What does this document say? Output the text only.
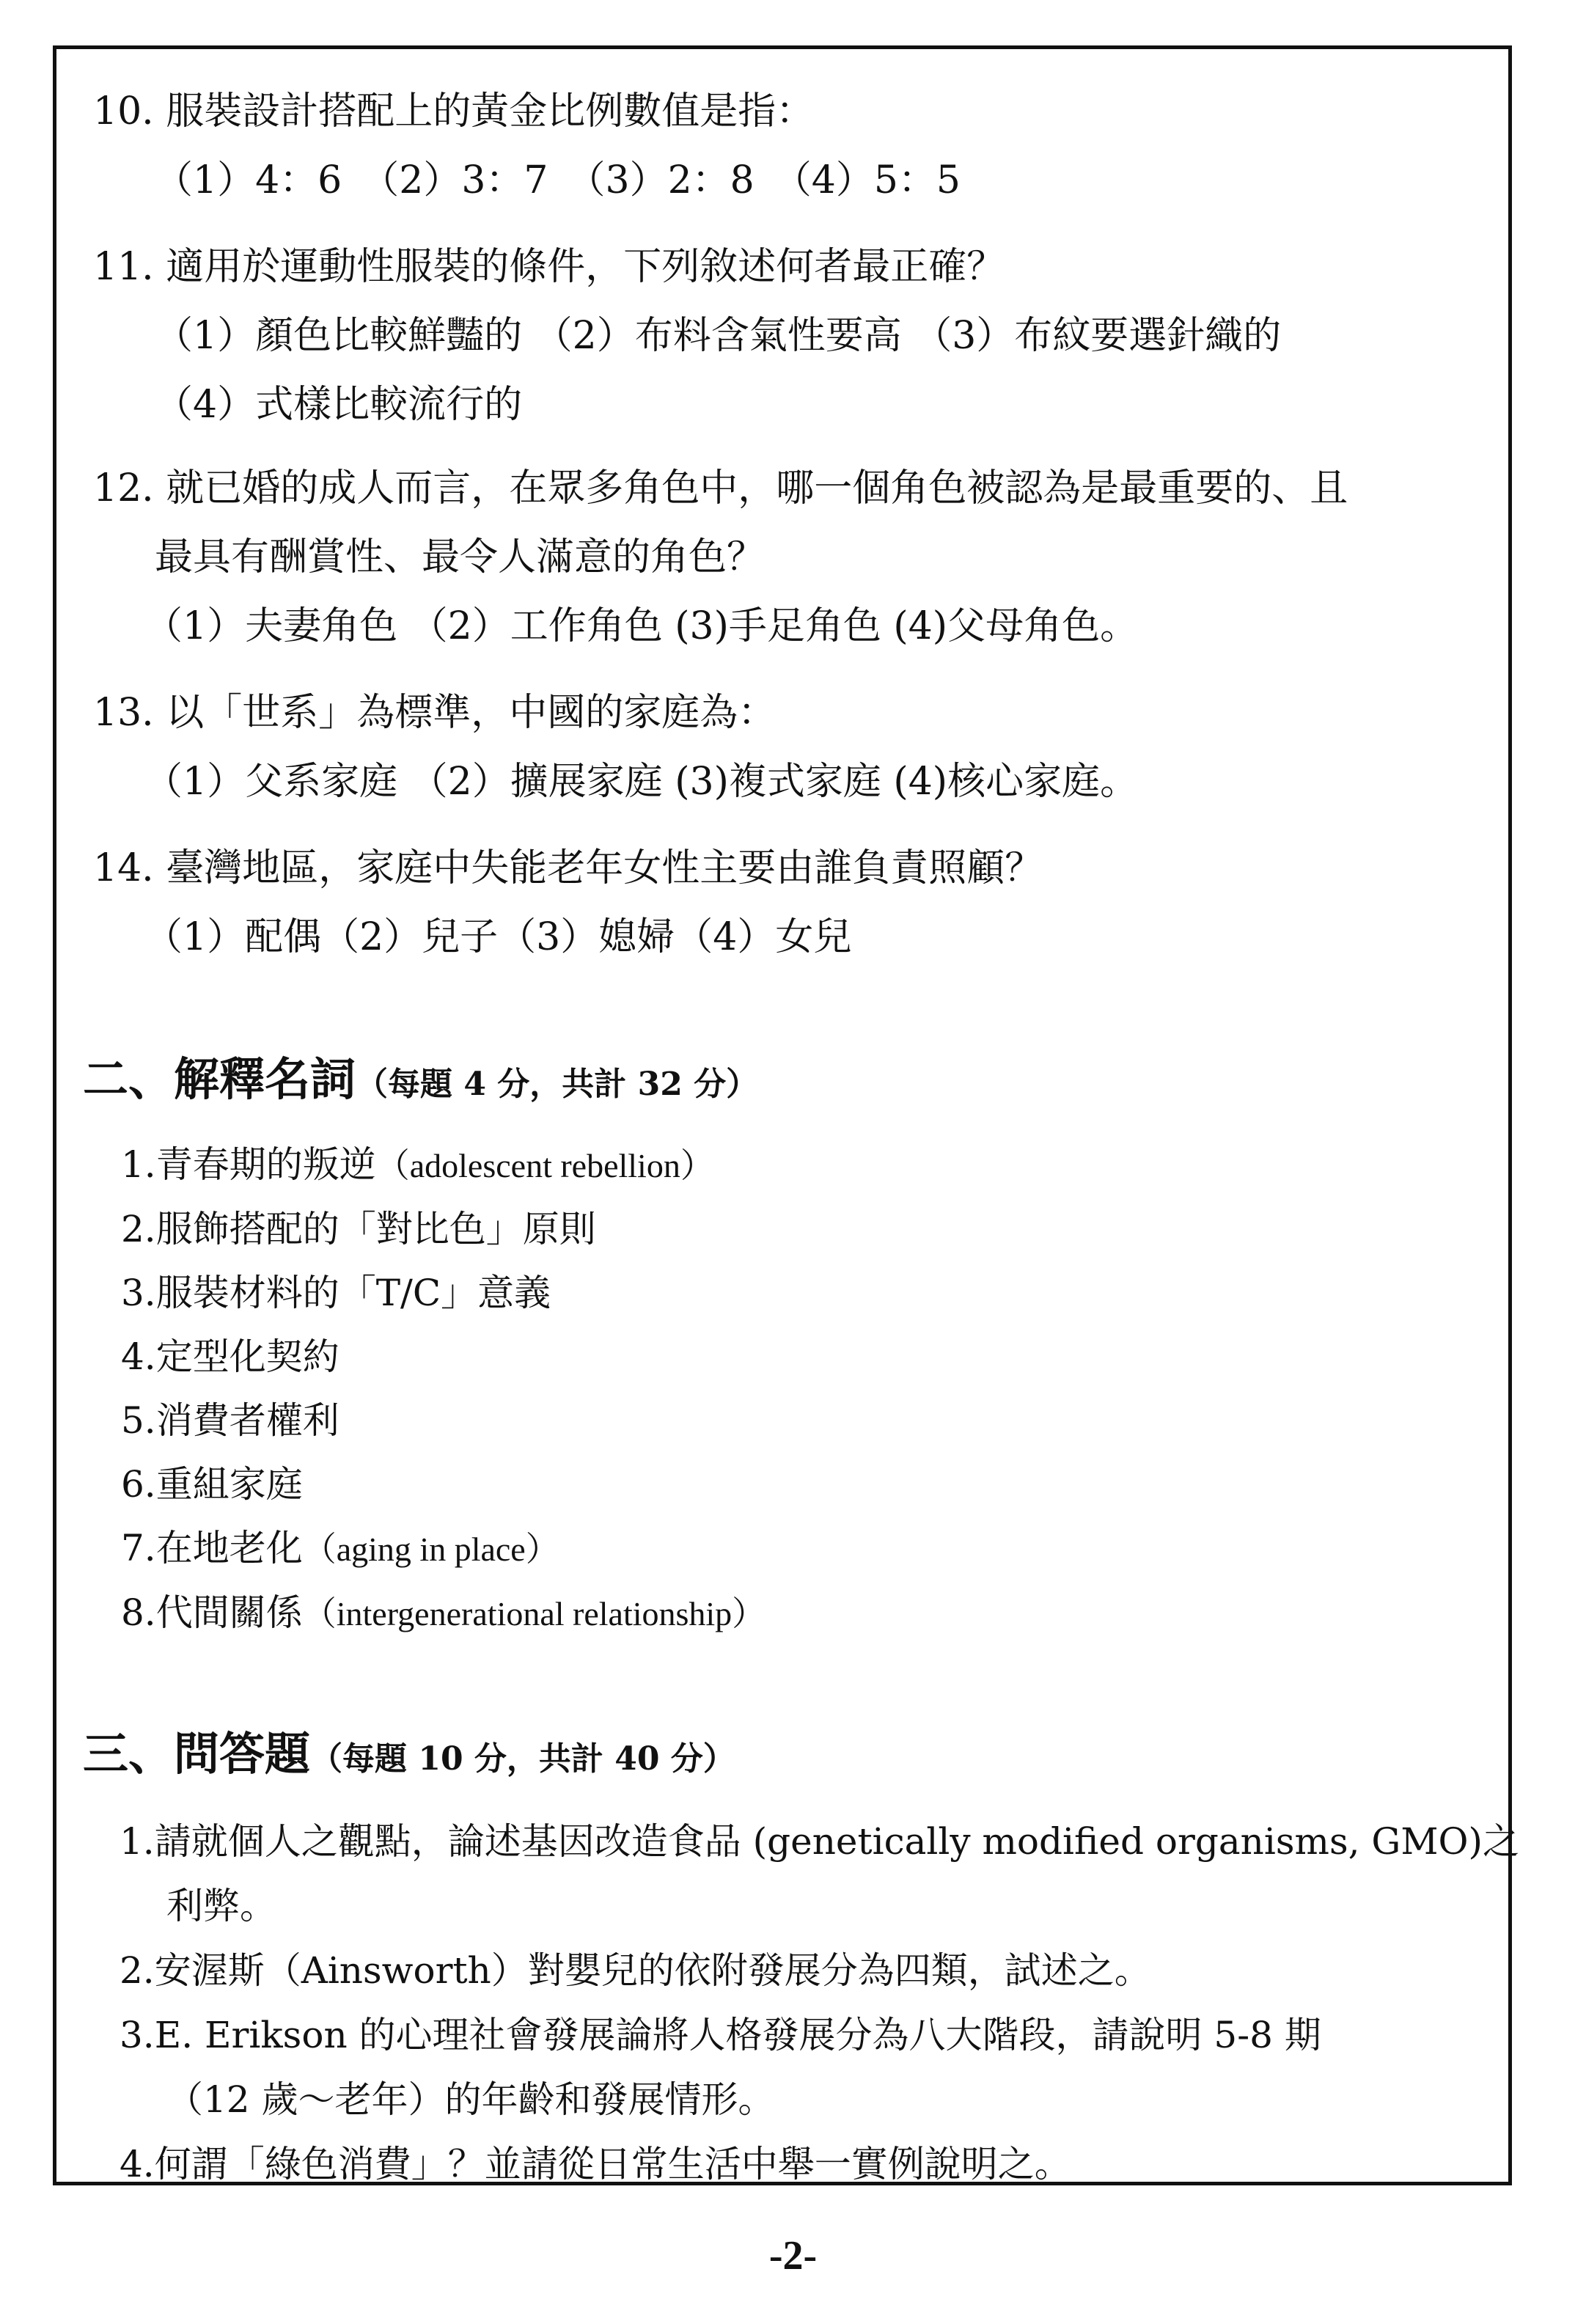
10. 服裝設計搭配上的黃金比例數值是指：
（1）4：6　（2）3：7　（3）2：8　（4）5：5
11. 適用於運動性服裝的條件，下列敘述何者最正確？
（1）顏色比較鮮豔的 （2）布料含氣性要高 （3）布紋要選針織的
（4）式樣比較流行的
12. 就已婚的成人而言，在眾多角色中，哪一個角色被認為是最重要的、且
最具有酬賞性、最令人滿意的角色？
（1）夫妻角色 （2）工作角色 (3)手足角色 (4)父母角色。
13. 以「世系」為標準，中國的家庭為：
（1）父系家庭 （2）擴展家庭 (3)複式家庭 (4)核心家庭。
14. 臺灣地區，家庭中失能老年女性主要由誰負責照顧？
（1）配偶（2）兒子（3）媳婦（4）女兒
二、解釋名詞（每題 4 分，共計 32 分）
1.青春期的叛逆（adolescent rebellion）
2.服飾搭配的「對比色」原則
3.服裝材料的「T/C」意義
4.定型化契約
5.消費者權利
6.重組家庭
7.在地老化（aging in place）
8.代間關係（intergenerational relationship）
三、問答題（每題 10 分，共計 40 分）
1.請就個人之觀點，論述基因改造食品 (genetically modified organisms, GMO)之
利弊。
2.安渥斯（Ainsworth）對嬰兒的依附發展分為四類，試述之。
3.E. Erikson 的心理社會發展論將人格發展分為八大階段，請說明 5-8 期
（12 歲～老年）的年齡和發展情形。
4.何謂「綠色消費」？並請從日常生活中舉一實例說明之。
-2-
